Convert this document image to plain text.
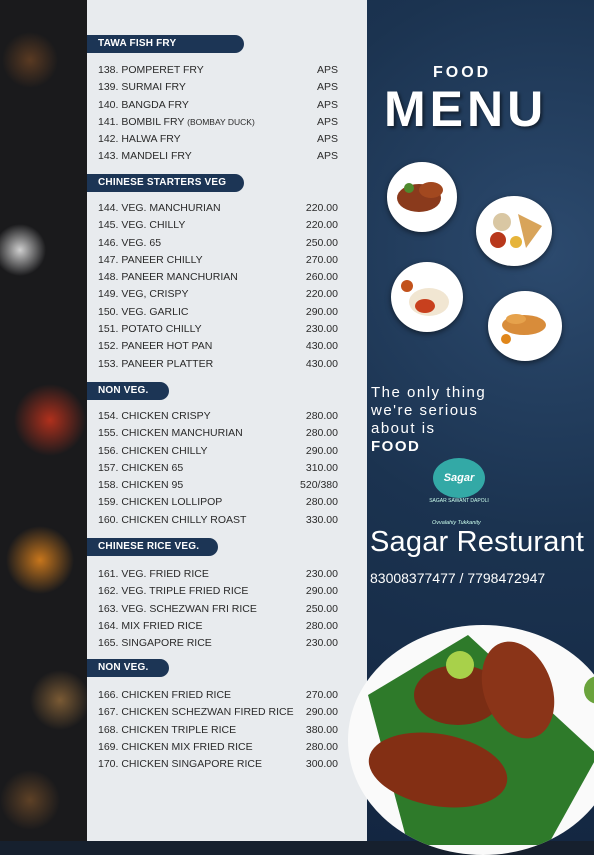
TAWA FISH FRY
138. POMPERET FRY	APS
139. SURMAI FRY	APS
140. BANGDA FRY	APS
141. BOMBIL FRY (BOMBAY DUCK)	APS
142. HALWA FRY	APS
143. MANDELI FRY	APS
CHINESE STARTERS VEG
144. VEG. MANCHURIAN	220.00
145. VEG. CHILLY	220.00
146. VEG. 65	250.00
147. PANEER CHILLY	270.00
148. PANEER MANCHURIAN	260.00
149. VEG, CRISPY	220.00
150. VEG. GARLIC	290.00
151. POTATO CHILLY	230.00
152. PANEER HOT PAN	430.00
153. PANEER PLATTER	430.00
NON VEG.
154. CHICKEN CRISPY	280.00
155. CHICKEN MANCHURIAN	280.00
156. CHICKEN CHILLY	290.00
157. CHICKEN 65	310.00
158. CHICKEN 95	520/380
159. CHICKEN LOLLIPOP	280.00
160. CHICKEN CHILLY ROAST	330.00
CHINESE RICE VEG.
161. VEG. FRIED RICE	230.00
162. VEG. TRIPLE FRIED RICE	290.00
163. VEG. SCHEZWAN FRI RICE	250.00
164. MIX FRIED RICE	280.00
165. SINGAPORE RICE	230.00
NON VEG.
166. CHICKEN FRIED RICE	270.00
167. CHICKEN SCHEZWAN FIRED RICE 290.00
168. CHICKEN TRIPLE RICE	380.00
169. CHICKEN MIX FRIED RICE	280.00
170. CHICKEN SINGAPORE RICE	300.00
FOOD
MENU
The only thing
we're serious
about is
FOOD
Sagar
SAGAR SAWANT DAPOLI
Ovvalahiy Tukkanity
Sagar Resturant
83008377477 / 7798472947
